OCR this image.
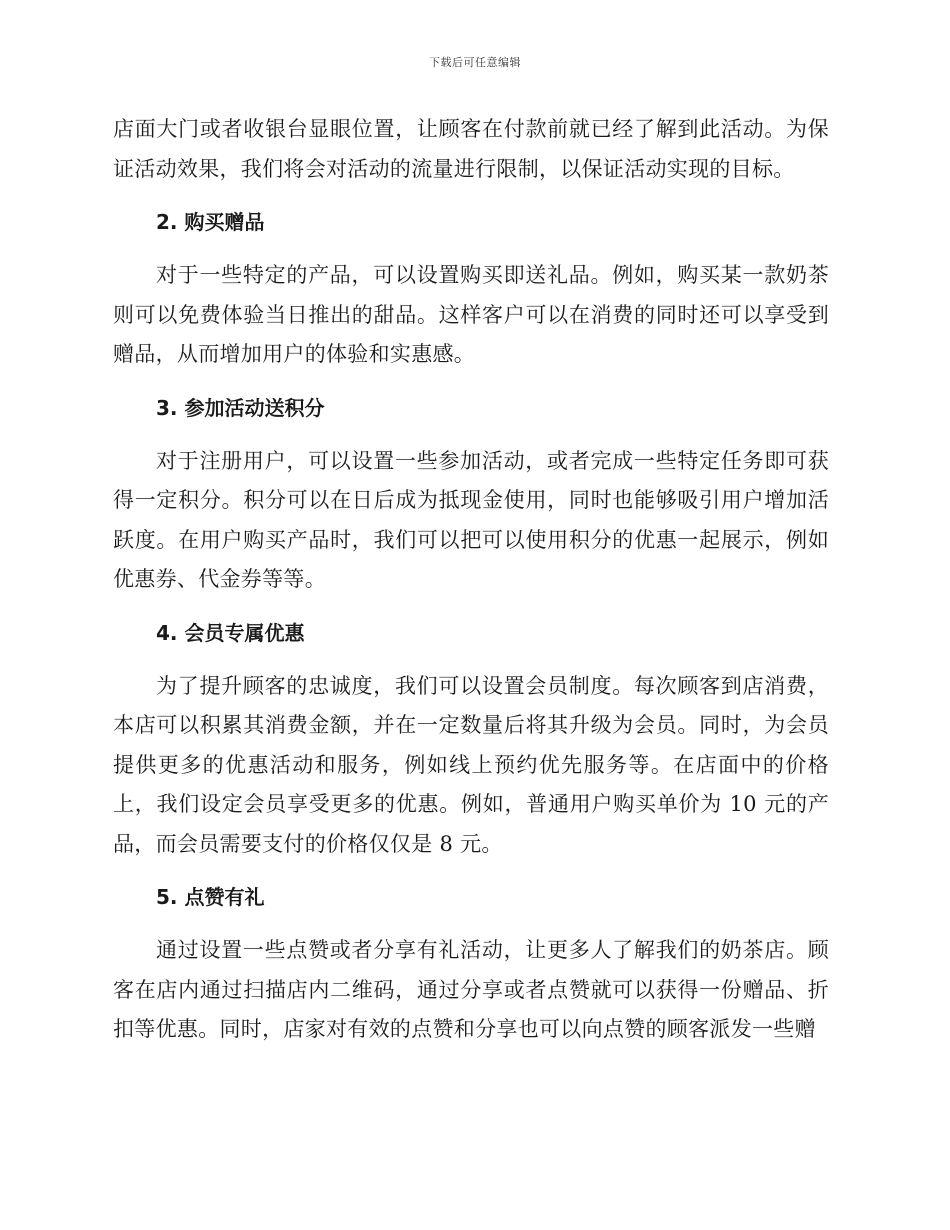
下载后可任意编辑

店面大门或者收银台显眼位置，让顾客在付款前就已经了解到此活动。为保证活动效果，我们将会对活动的流量进行限制，以保证活动实现的目标。

2. 购买赠品

对于一些特定的产品，可以设置购买即送礼品。例如，购买某一款奶茶则可以免费体验当日推出的甜品。这样客户可以在消费的同时还可以享受到赠品，从而增加用户的体验和实惠感。

3. 参加活动送积分

对于注册用户，可以设置一些参加活动，或者完成一些特定任务即可获得一定积分。积分可以在日后成为抵现金使用，同时也能够吸引用户增加活跃度。在用户购买产品时，我们可以把可以使用积分的优惠一起展示，例如优惠券、代金券等等。

4. 会员专属优惠

为了提升顾客的忠诚度，我们可以设置会员制度。每次顾客到店消费，本店可以积累其消费金额，并在一定数量后将其升级为会员。同时，为会员提供更多的优惠活动和服务，例如线上预约优先服务等。在店面中的价格上，我们设定会员享受更多的优惠。例如，普通用户购买单价为 10 元的产品，而会员需要支付的价格仅仅是 8 元。

5. 点赞有礼

通过设置一些点赞或者分享有礼活动，让更多人了解我们的奶茶店。顾客在店内通过扫描店内二维码，通过分享或者点赞就可以获得一份赠品、折扣等优惠。同时，店家对有效的点赞和分享也可以向点赞的顾客派发一些赠
